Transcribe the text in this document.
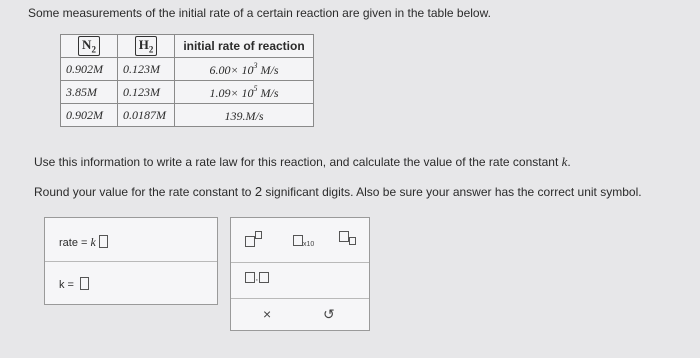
Some measurements of the initial rate of a certain reaction are given in the table below.
$N_2$	$H_2$	initial rate of reaction
0.902M	0.123M	$6.00\times 10^3$ M/s
3.85M	0.123M	$1.09\times 10^5$ M/s
0.902M	0.0187M	139.M/s
Use this information to write a rate law for this reaction, and calculate the value of the rate constant k.
Round your value for the rate constant to 2 significant digits. Also be sure your answer has the correct unit symbol.
rate = k
k =
x10
·
×	↺
